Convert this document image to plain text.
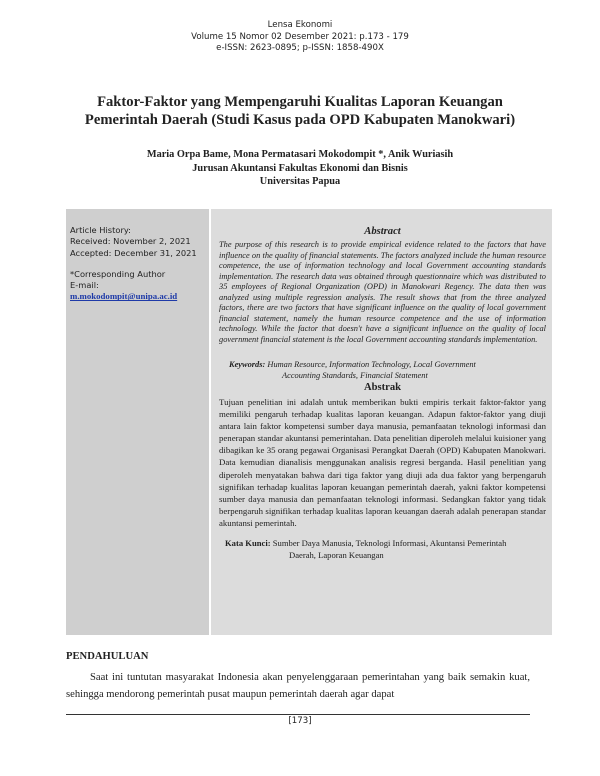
Lensa Ekonomi
Volume 15 Nomor 02 Desember 2021: p.173 - 179
e-ISSN: 2623-0895; p-ISSN: 1858-490X
Faktor-Faktor yang Mempengaruhi Kualitas Laporan Keuangan Pemerintah Daerah (Studi Kasus pada OPD Kabupaten Manokwari)
Maria Orpa Bame, Mona Permatasari Mokodompit *, Anik Wuriasih
Jurusan Akuntansi Fakultas Ekonomi dan Bisnis
Universitas Papua
Article History:
Received: November 2, 2021
Accepted: December 31, 2021
*Corresponding Author
E-mail:
m.mokodompit@unipa.ac.id
Abstract
The purpose of this research is to provide empirical evidence related to the factors that have influence on the quality of financial statements. The factors analyzed include the human resource competence, the use of information technology and local Government accounting standards implementation. The research data was obtained through questionnaire which was distributed to 35 employees of Regional Organization (OPD) in Manokwari Regency. The data then was analyzed using multiple regression analysis. The result shows that from the three analyzed factors, there are two factors that have significant influence on the quality of local government financial statement, namely the human resource competence and the use of information technology. While the factor that doesn't have a significant influence on the quality of local government financial statement is the local Government accounting standards implementation.
Keywords: Human Resource, Information Technology, Local Government
Accounting Standards, Financial Statement
Abstrak
Tujuan penelitian ini adalah untuk memberikan bukti empiris terkait faktor-faktor yang memiliki pengaruh terhadap kualitas laporan keuangan. Adapun faktor-faktor yang diuji antara lain faktor kompetensi sumber daya manusia, pemanfaatan teknologi informasi dan penerapan standar akuntansi pemerintahan. Data penelitian diperoleh melalui kuisioner yang dibagikan ke 35 orang pegawai Organisasi Perangkat Daerah (OPD) Kabupaten Manokwari. Data kemudian dianalisis menggunakan analisis regresi berganda. Hasil penelitian yang diperoleh menyatakan bahwa dari tiga faktor yang diuji ada dua faktor yang berpengaruh signifikan terhadap kualitas laporan keuangan pemerintah daerah, yakni faktor kompetensi sumber daya manusia dan pemanfaatan teknologi informasi. Sedangkan faktor yang tidak berpengaruh signifikan terhadap kualitas laporan keuangan daerah adalah penerapan standar akuntansi pemerintah.
Kata Kunci: Sumber Daya Manusia, Teknologi Informasi, Akuntansi Pemerintah
Daerah, Laporan Keuangan
PENDAHULUAN
Saat ini tuntutan masyarakat Indonesia akan penyelenggaraan pemerintahan yang baik semakin kuat, sehingga mendorong pemerintah pusat maupun pemerintah daerah agar dapat
[173]
